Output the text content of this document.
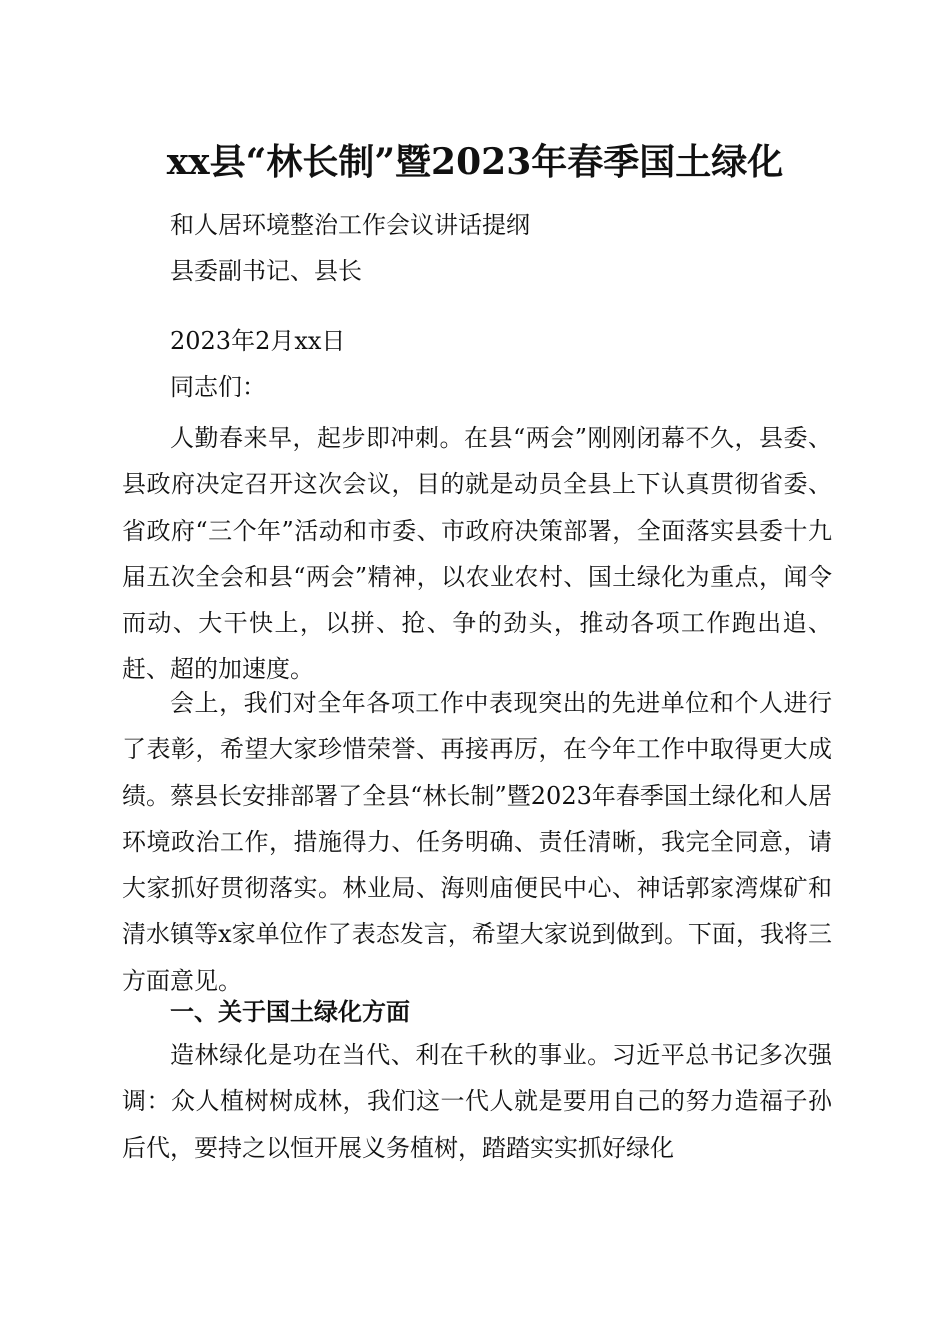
xx县“林长制”暨2023年春季国土绿化

和人居环境整治工作会议讲话提纲

县委副书记、县长

2023年2月xx日

同志们：

人勤春来早，起步即冲刺。在县“两会”刚刚闭幕不久，县委、县政府决定召开这次会议，目的就是动员全县上下认真贯彻省委、省政府“三个年”活动和市委、市政府决策部署，全面落实县委十九届五次全会和县“两会”精神，以农业农村、国土绿化为重点，闻令而动、大干快上，以拼、抢、争的劲头，推动各项工作跑出追、赶、超的加速度。

会上，我们对全年各项工作中表现突出的先进单位和个人进行了表彰，希望大家珍惜荣誉、再接再厉，在今年工作中取得更大成绩。蔡县长安排部署了全县“林长制”暨2023年春季国土绿化和人居环境政治工作，措施得力、任务明确、责任清晰，我完全同意，请大家抓好贯彻落实。林业局、海则庙便民中心、神话郭家湾煤矿和清水镇等x家单位作了表态发言，希望大家说到做到。下面，我将三方面意见。

一、关于国土绿化方面

造林绿化是功在当代、利在千秋的事业。习近平总书记多次强调：众人植树树成林，我们这一代人就是要用自己的努力造福子孙后代，要持之以恒开展义务植树，踏踏实实抓好绿化
